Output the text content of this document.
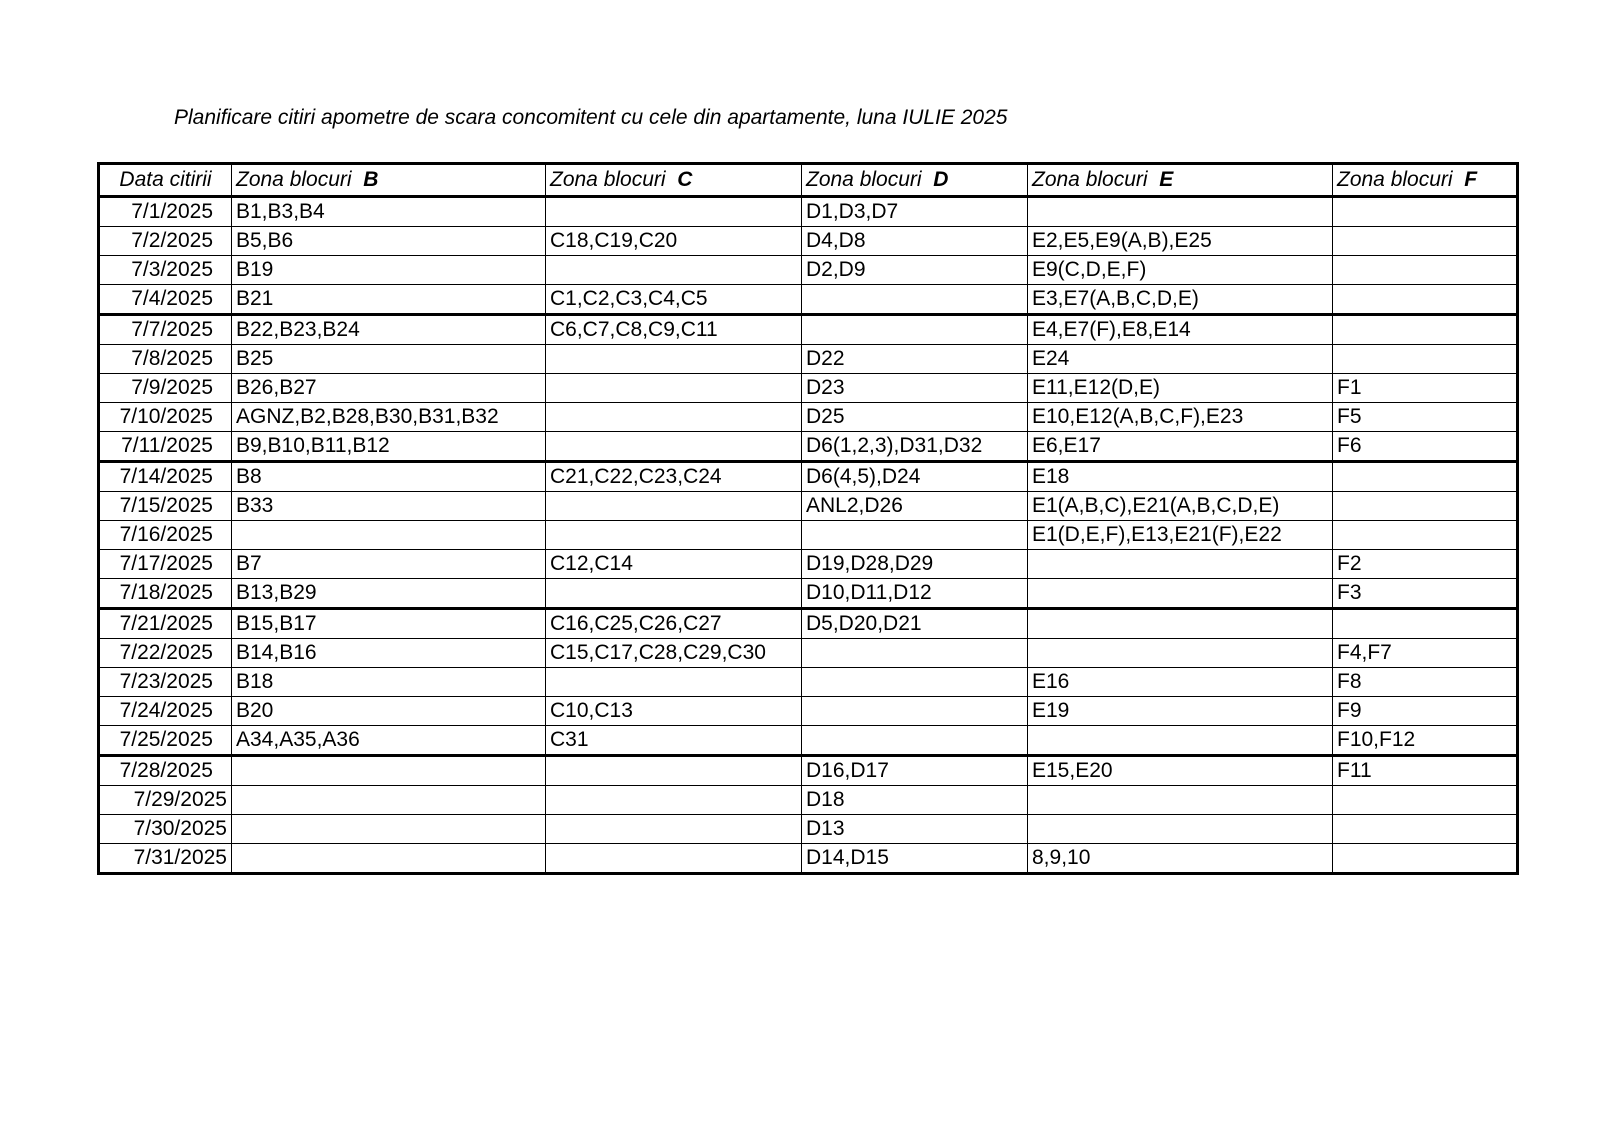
Planificare citiri apometre de scara concomitent cu cele din apartamente, luna IULIE 2025
Data citirii	Zona blocuri B	Zona blocuri C	Zona blocuri D	Zona blocuri E	Zona blocuri F
7/1/2025	B1,B3,B4		D1,D3,D7		
7/2/2025	B5,B6	C18,C19,C20	D4,D8	E2,E5,E9(A,B),E25	
7/3/2025	B19		D2,D9	E9(C,D,E,F)	
7/4/2025	B21	C1,C2,C3,C4,C5		E3,E7(A,B,C,D,E)	
7/7/2025	B22,B23,B24	C6,C7,C8,C9,C11		E4,E7(F),E8,E14	
7/8/2025	B25		D22	E24	
7/9/2025	B26,B27		D23	E11,E12(D,E)	F1
7/10/2025	AGNZ,B2,B28,B30,B31,B32		D25	E10,E12(A,B,C,F),E23	F5
7/11/2025	B9,B10,B11,B12		D6(1,2,3),D31,D32	E6,E17	F6
7/14/2025	B8	C21,C22,C23,C24	D6(4,5),D24	E18	
7/15/2025	B33		ANL2,D26	E1(A,B,C),E21(A,B,C,D,E)	
7/16/2025				E1(D,E,F),E13,E21(F),E22	
7/17/2025	B7	C12,C14	D19,D28,D29		F2
7/18/2025	B13,B29		D10,D11,D12		F3
7/21/2025	B15,B17	C16,C25,C26,C27	D5,D20,D21		
7/22/2025	B14,B16	C15,C17,C28,C29,C30			F4,F7
7/23/2025	B18			E16	F8
7/24/2025	B20	C10,C13		E19	F9
7/25/2025	A34,A35,A36	C31			F10,F12
7/28/2025			D16,D17	E15,E20	F11
7/29/2025			D18		
7/30/2025			D13		
7/31/2025			D14,D15	8,9,10	
